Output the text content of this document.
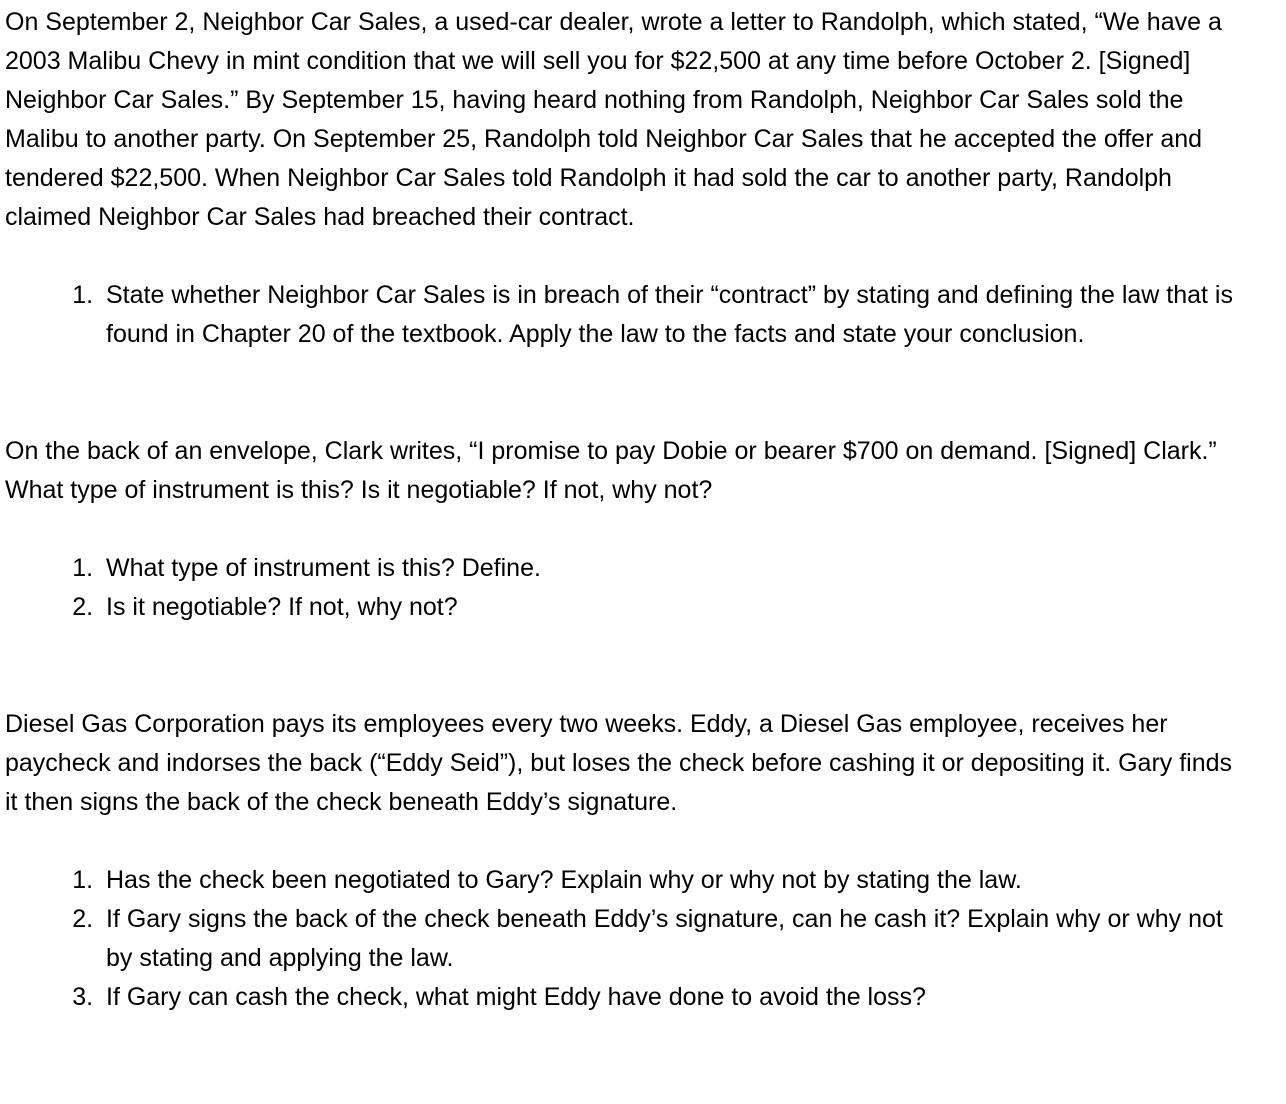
On September 2, Neighbor Car Sales, a used-car dealer, wrote a letter to Randolph, which stated, “We have a 2003 Malibu Chevy in mint condition that we will sell you for $22,500 at any time before October 2. [Signed] Neighbor Car Sales.” By September 15, having heard nothing from Randolph, Neighbor Car Sales sold the Malibu to another party. On September 25, Randolph told Neighbor Car Sales that he accepted the offer and tendered $22,500. When Neighbor Car Sales told Randolph it had sold the car to another party, Randolph claimed Neighbor Car Sales had breached their contract.

1. State whether Neighbor Car Sales is in breach of their “contract” by stating and defining the law that is found in Chapter 20 of the textbook. Apply the law to the facts and state your conclusion.

On the back of an envelope, Clark writes, “I promise to pay Dobie or bearer $700 on demand. [Signed] Clark.” What type of instrument is this? Is it negotiable? If not, why not?

1. What type of instrument is this? Define.
2. Is it negotiable? If not, why not?

Diesel Gas Corporation pays its employees every two weeks. Eddy, a Diesel Gas employee, receives her paycheck and indorses the back (“Eddy Seid”), but loses the check before cashing it or depositing it. Gary finds it then signs the back of the check beneath Eddy’s signature.

1. Has the check been negotiated to Gary? Explain why or why not by stating the law.
2. If Gary signs the back of the check beneath Eddy’s signature, can he cash it? Explain why or why not by stating and applying the law.
3. If Gary can cash the check, what might Eddy have done to avoid the loss?
